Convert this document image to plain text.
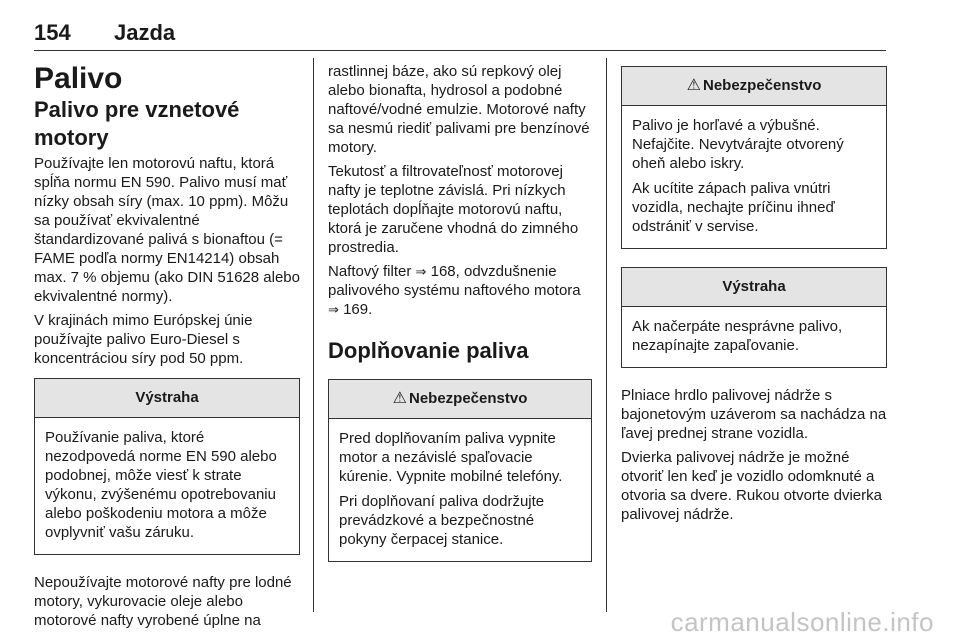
154 Jazda
Palivo
Palivo pre vznetové motory

Používajte len motorovú naftu, ktorá spĺňa normu EN 590. Palivo musí mať nízky obsah síry (max. 10 ppm). Môžu sa používať ekvivalentné štandardizované palivá s bionaftou (= FAME podľa normy EN14214) obsah max. 7 % objemu (ako DIN 51628 alebo ekvivalentné normy).

V krajinách mimo Európskej únie používajte palivo Euro-Diesel s koncentráciou síry pod 50 ppm.

Výstraha

Používanie paliva, ktoré nezodpovedá norme EN 590 alebo podobnej, môže viesť k strate výkonu, zvýšenému opotrebovaniu alebo poškodeniu motora a môže ovplyvniť vašu záruku.

Nepoužívajte motorové nafty pre lodné motory, vykurovacie oleje alebo motorové nafty vyrobené úplne na

rastlinnej báze, ako sú repkový olej alebo bionafta, hydrosol a podobné naftové/vodné emulzie. Motorové nafty sa nesmú riediť palivami pre benzínové motory.

Tekutosť a filtrovateľnosť motorovej nafty je teplotne závislá. Pri nízkych teplotách dopĺňajte motorovú naftu, ktorá je zaručene vhodná do zimného prostredia.

Naftový filter ⇒ 168, odvzdušnenie palivového systému naftového motora ⇒ 169.

Doplňovanie paliva
⚠ Nebezpečenstvo

Pred doplňovaním paliva vypnite motor a nezávislé spaľovacie kúrenie. Vypnite mobilné telefóny.

Pri doplňovaní paliva dodržujte prevádzkové a bezpečnostné pokyny čerpacej stanice.

⚠ Nebezpečenstvo

Palivo je horľavé a výbušné. Nefajčite. Nevytvárajte otvorený oheň alebo iskry.

Ak ucítite zápach paliva vnútri vozidla, nechajte príčinu ihneď odstrániť v servise.

Výstraha

Ak načerpáte nesprávne palivo, nezapínajte zapaľovanie.

Plniace hrdlo palivovej nádrže s bajonetovým uzáverom sa nachádza na ľavej prednej strane vozidla.

Dvierka palivovej nádrže je možné otvoriť len keď je vozidlo odomknuté a otvoria sa dvere. Rukou otvorte dvierka palivovej nádrže.

carmanualsonline.info
